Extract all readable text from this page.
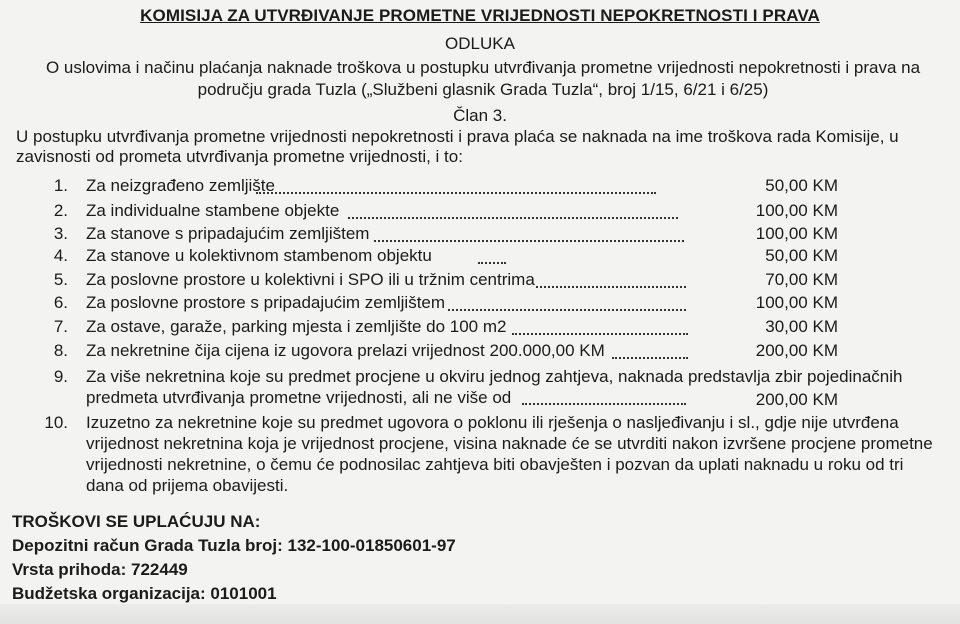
KOMISIJA ZA UTVRĐIVANJE PROMETNE VRIJEDNOSTI NEPOKRETNOSTI I PRAVA
ODLUKA
O uslovima i načinu plaćanja naknade troškova u postupku utvrđivanja prometne vrijednosti nepokretnosti i prava na
području grada Tuzla („Službeni glasnik Grada Tuzla“, broj 1/15, 6/21 i 6/25)
Član 3.
U postupku utvrđivanja prometne vrijednosti nepokretnosti i prava plaća se naknada na ime troškova rada Komisije, u
zavisnosti od prometa utvrđivanja prometne vrijednosti, i to:
1. Za neizgrađeno zemljište	50,00 KM
2. Za individualne stambene objekte	100,00 KM
3. Za stanove s pripadajućim zemljištem	100,00 KM
4. Za stanove u kolektivnom stambenom objektu	50,00 KM
5. Za poslovne prostore u kolektivni i SPO ili u tržnim centrima	70,00 KM
6. Za poslovne prostore s pripadajućim zemljištem	100,00 KM
7. Za ostave, garaže, parking mjesta i zemljište do 100 m2	30,00 KM
8. Za nekretnine čija cijena iz ugovora prelazi vrijednost 200.000,00 KM	200,00 KM
9. Za više nekretnina koje su predmet procjene u okviru jednog zahtjeva, naknada predstavlja zbir pojedinačnih
predmeta utvrđivanja prometne vrijednosti, ali ne više od	200,00 KM
10. Izuzetno za nekretnine koje su predmet ugovora o poklonu ili rješenja o nasljeđivanju i sl., gdje nije utvrđena
vrijednost nekretnina koja je vrijednost procjene, visina naknade će se utvrditi nakon izvršene procjene prometne
vrijednosti nekretnine, o čemu će podnosilac zahtjeva biti obavješten i pozvan da uplati naknadu u roku od tri
dana od prijema obavijesti.
TROŠKOVI SE UPLAĆUJU NA:
Depozitni račun Grada Tuzla broj: 132-100-01850601-97
Vrsta prihoda: 722449
Budžetska organizacija: 0101001
